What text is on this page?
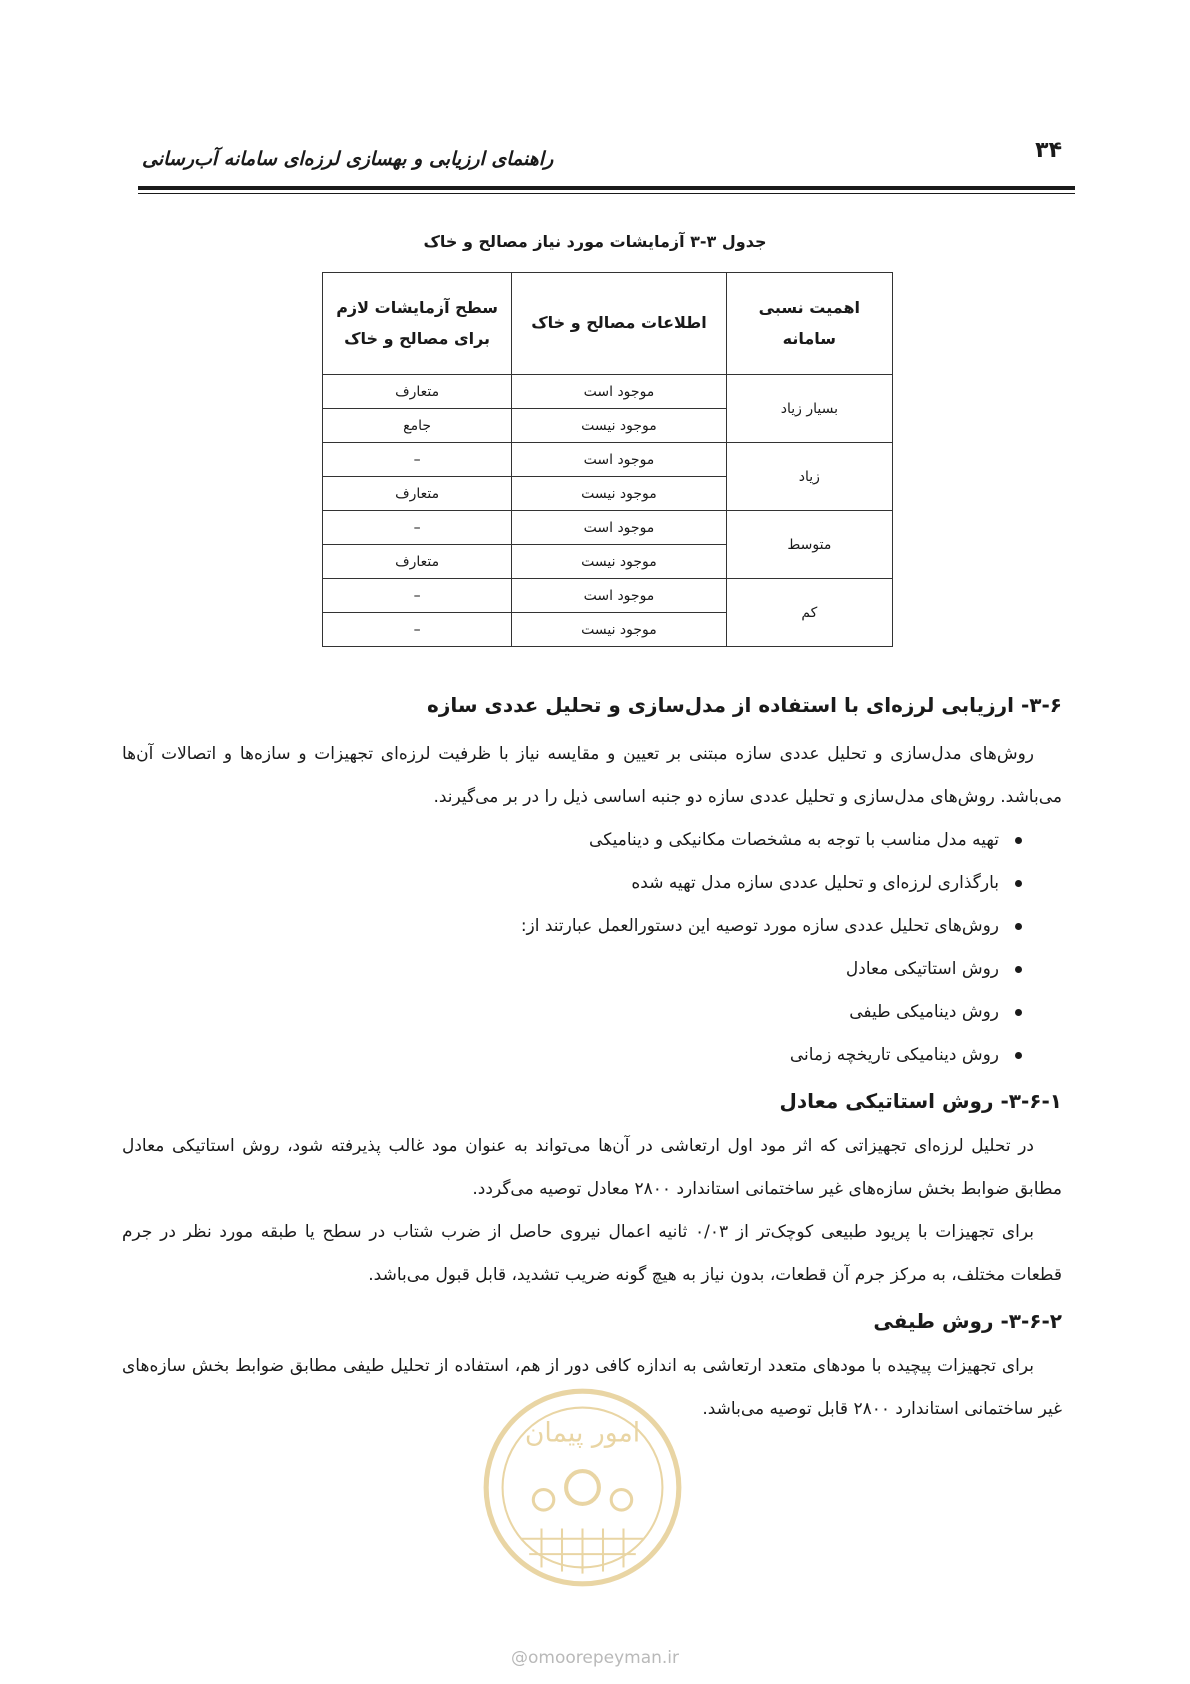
۳۴
راهنمای ارزیابی و بهسازی لرزه‌ای سامانه آب‌رسانی
جدول ۳-۳ آزمایشات مورد نیاز مصالح و خاک
اهمیت نسبی سامانه	اطلاعات مصالح و خاک	سطح آزمایشات لازم
برای مصالح و خاک
بسیار زیاد	موجود است	متعارف
	موجود نیست	جامع
زیاد	موجود است	–
	موجود نیست	متعارف
متوسط	موجود است	–
	موجود نیست	متعارف
کم	موجود است	–
	موجود نیست	–
۳-۶- ارزیابی لرزه‌ای با استفاده از مدل‌سازی و تحلیل عددی سازه

روش‌های مدل‌سازی و تحلیل عددی سازه مبتنی بر تعیین و مقایسه نیاز با ظرفیت لرزه‌ای تجهیزات و سازه‌ها و اتصالات آن‌ها می‌باشد. روش‌های مدل‌سازی و تحلیل عددی سازه دو جنبه اساسی ذیل را در بر می‌گیرند.

تهیه مدل مناسب با توجه به مشخصات مکانیکی و دینامیکی
بارگذاری لرزه‌ای و تحلیل عددی سازه مدل تهیه شده
روش‌های تحلیل عددی سازه مورد توصیه این دستورالعمل عبارتند از:
روش استاتیکی معادل
روش دینامیکی طیفی
روش دینامیکی تاریخچه زمانی
۳-۶-۱- روش استاتیکی معادل

در تحلیل لرزه‌ای تجهیزاتی که اثر مود اول ارتعاشی در آن‌ها می‌تواند به عنوان مود غالب پذیرفته شود، روش استاتیکی معادل مطابق ضوابط بخش سازه‌های غیر ساختمانی استاندارد ۲۸۰۰ معادل توصیه می‌گردد.

برای تجهیزات با پریود طبیعی کوچک‌تر از ۰/۰۳ ثانیه اعمال نیروی حاصل از ضرب شتاب در سطح یا طبقه مورد نظر در جرم قطعات مختلف، به مرکز جرم آن قطعات، بدون نیاز به هیچ گونه ضریب تشدید، قابل قبول می‌باشد.

۳-۶-۲- روش طیفی

برای تجهیزات پیچیده با مودهای متعدد ارتعاشی به اندازه کافی دور از هم، استفاده از تحلیل طیفی مطابق ضوابط بخش سازه‌های غیر ساختمانی استاندارد ۲۸۰۰ قابل توصیه می‌باشد.

امور پیمان
@omoorepeyman.ir
